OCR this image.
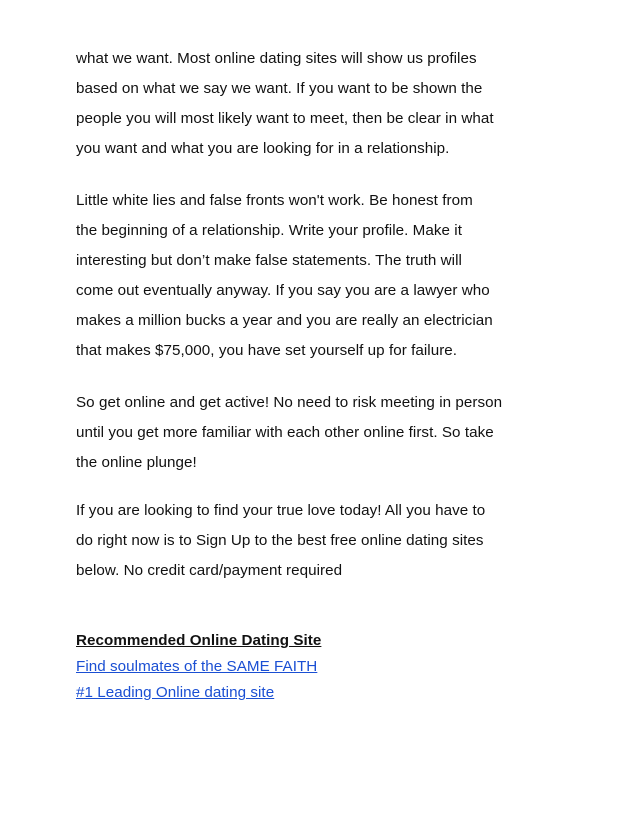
what we want. Most online dating sites will show us profiles
based on what we say we want. If you want to be shown the
people you will most likely want to meet, then be clear in what
you want and what you are looking for in a relationship.

Little white lies and false fronts won't work. Be honest from
the beginning of a relationship. Write your profile. Make it
interesting but don’t make false statements. The truth will
come out eventually anyway. If you say you are a lawyer who
makes a million bucks a year and you are really an electrician
that makes $75,000, you have set yourself up for failure.

So get online and get active! No need to risk meeting in person
until you get more familiar with each other online first. So take
the online plunge!

If you are looking to find your true love today! All you have to
do right now is to Sign Up to the best free online dating sites
below. No credit card/payment required

Recommended Online Dating Site
Find soulmates of the SAME FAITH
#1 Leading Online dating site
